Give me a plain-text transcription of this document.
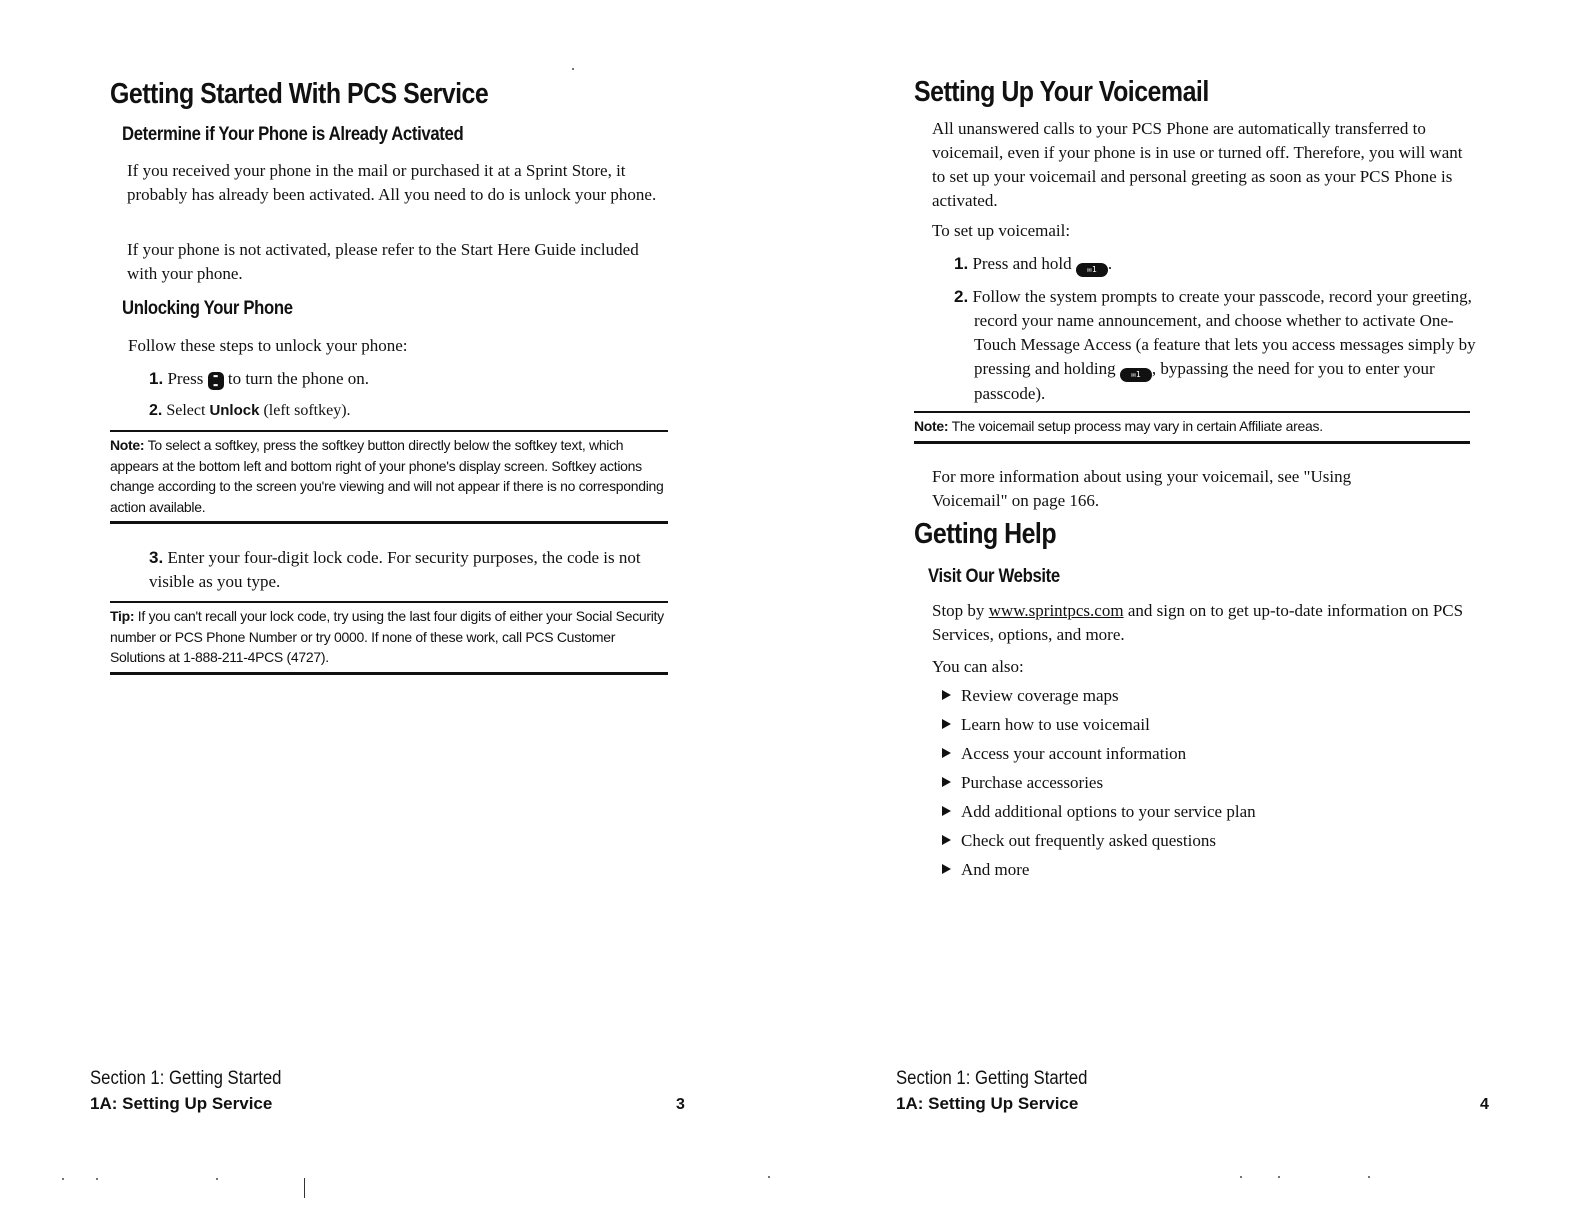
Getting Started With PCS Service
Determine if Your Phone is Already Activated

If you received your phone in the mail or purchased it at a Sprint Store, it probably has already been activated. All you need to do is unlock your phone.

If your phone is not activated, please refer to the Start Here Guide included with your phone.

Unlocking Your Phone

Follow these steps to unlock your phone:

1. Press ▬
▬ to turn the phone on.
2. Select Unlock (left softkey).
Note: To select a softkey, press the softkey button directly below the softkey text, which appears at the bottom left and bottom right of your phone's display screen. Softkey actions change according to the screen you're viewing and will not appear if there is no corresponding action available.
3. Enter your four-digit lock code. For security purposes, the code is not visible as you type.
Tip: If you can't recall your lock code, try using the last four digits of either your Social Security number or PCS Phone Number or try 0000. If none of these work, call PCS Customer Solutions at 1-888-211-4PCS (4727).
Section 1: Getting Started
1A: Setting Up Service	3
Setting Up Your Voicemail

All unanswered calls to your PCS Phone are automatically transferred to voicemail, even if your phone is in use or turned off. Therefore, you will want to set up your voicemail and personal greeting as soon as your PCS Phone is activated.

To set up voicemail:

1. Press and hold ✉1 .
2. Follow the system prompts to create your passcode, record your greeting, record your name announcement, and choose whether to activate One-Touch Message Access (a feature that lets you access messages simply by pressing and holding ✉1 , bypassing the need for you to enter your passcode).
Note: The voicemail setup process may vary in certain Affiliate areas.

For more information about using your voicemail, see "Using Voicemail" on page 166.

Getting Help
Visit Our Website

Stop by www.sprintpcs.com and sign on to get up-to-date information on PCS Services, options, and more.

You can also:

Review coverage maps
Learn how to use voicemail
Access your account information
Purchase accessories
Add additional options to your service plan
Check out frequently asked questions
And more
Section 1: Getting Started
1A: Setting Up Service	4
